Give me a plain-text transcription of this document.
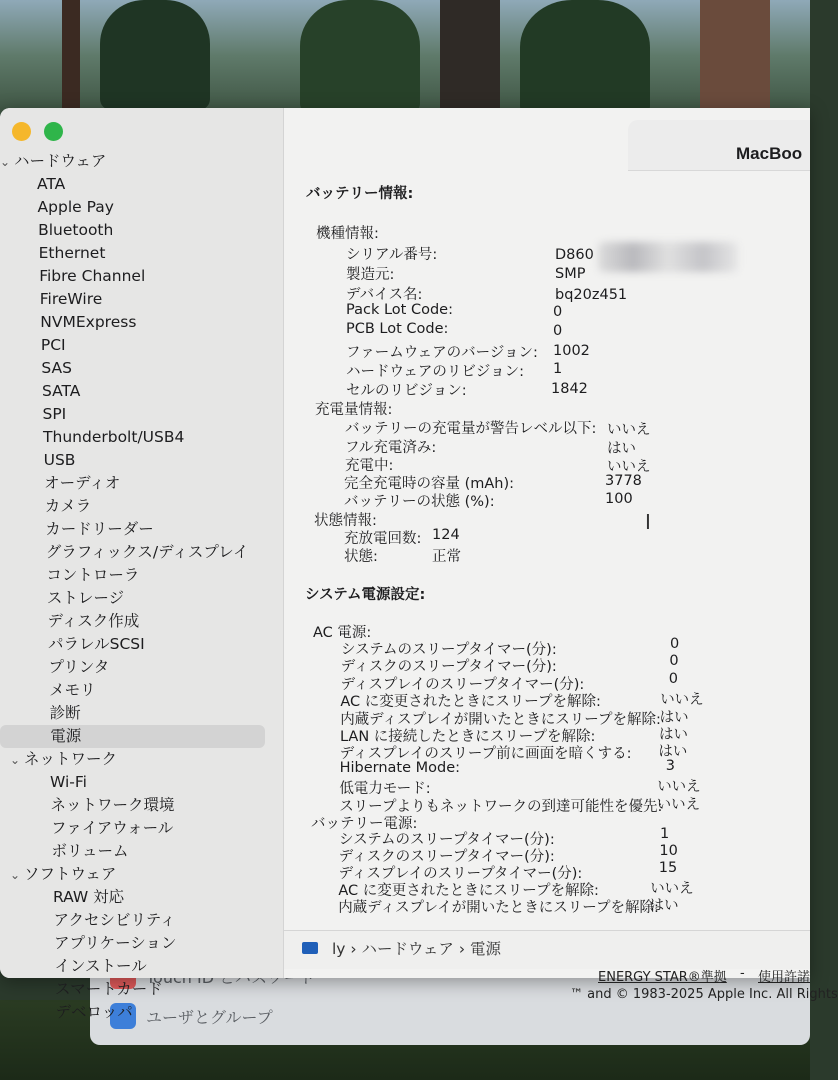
ユーザとグループ
⌄ ハードウェア
ATA
Apple Pay
Bluetooth
Ethernet
Fibre Channel
FireWire
NVMExpress
PCI
SAS
SATA
SPI
Thunderbolt/USB4
USB
オーディオ
カメラ
カードリーダー
グラフィックス/ディスプレイ
コントローラ
ストレージ
ディスク作成
パラレルSCSI
プリンタ
メモリ
診断
電源
⌄ ネットワーク
Wi-Fi
ネットワーク環境
ファイアウォール
ボリューム
⌄ ソフトウェア
RAW 対応
アクセシビリティ
アプリケーション
インストール
スマートカード
デベロッパ
MacBoo
バッテリー情報:
機種情報:
シリアル番号:	D860
製造元:	SMP
デバイス名:	bq20z451
Pack Lot Code:	0
PCB Lot Code:	0
ファームウェアのバージョン: 1002
ハードウェアのリビジョン: 1
セルのリビジョン:	1842
充電量情報:
バッテリーの充電量が警告レベル以下: いいえ
フル充電済み:	はい
充電中:	いいえ
完全充電時の容量 (mAh):	3778
バッテリーの状態 (%):	100
状態情報:
充放電回数: 124
状態:	正常
システム電源設定:
AC 電源:
システムのスリープタイマー(分):	0
ディスクのスリープタイマー(分):	0
ディスプレイのスリープタイマー(分):	0
AC に変更されたときにスリープを解除:	いいえ
内蔵ディスプレイが開いたときにスリープを解除:
はい
LAN に接続したときにスリープを解除:	はい
ディスプレイのスリープ前に画面を暗くする: はい
Hibernate Mode:	3
低電力モード:	いいえ
スリープよりもネットワークの到達可能性を優先:
いいえ
バッテリー電源:
システムのスリープタイマー(分):	1
ディスクのスリープタイマー(分):	10
ディスプレイのスリープタイマー(分):	15
AC に変更されたときにスリープを解除:	いいえ
内蔵ディスプレイが開いたときにスリープを解除:
はい
I
ly › ハードウェア › 電源
ENERGY STAR®準拠 - 使用許諾
™ and © 1983-2025 Apple Inc. All Rights
